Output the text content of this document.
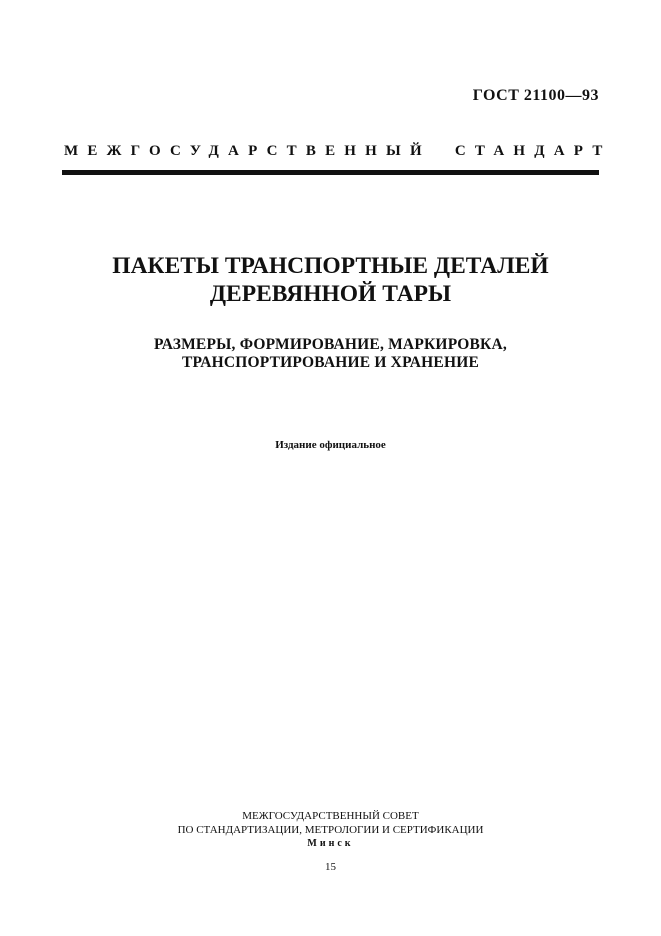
ГОСТ 21100—93
МЕЖГОСУДАРСТВЕННЫЙ СТАНДАРТ
ПАКЕТЫ ТРАНСПОРТНЫЕ ДЕТАЛЕЙ
ДЕРЕВЯННОЙ ТАРЫ
РАЗМЕРЫ, ФОРМИРОВАНИЕ, МАРКИРОВКА,
ТРАНСПОРТИРОВАНИЕ И ХРАНЕНИЕ
Издание официальное
МЕЖГОСУДАРСТВЕННЫЙ СОВЕТ
ПО СТАНДАРТИЗАЦИИ, МЕТРОЛОГИИ И СЕРТИФИКАЦИИ
Минск
15
